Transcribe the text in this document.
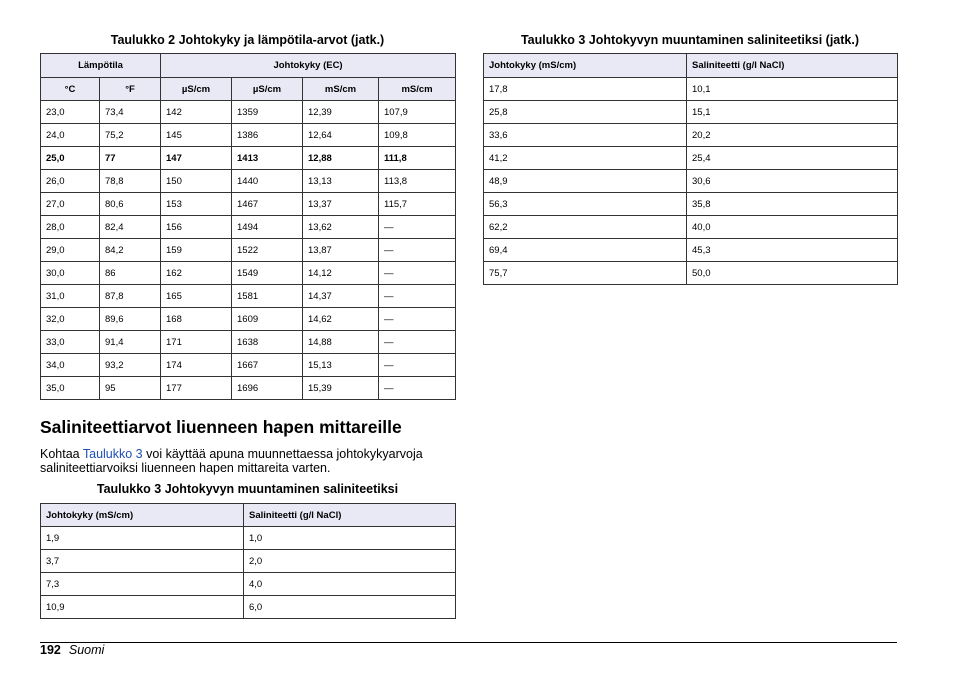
Taulukko 2 Johtokyky ja lämpötila-arvot (jatk.)
Lämpötila		Johtokyky (EC)			
°C	°F	µS/cm	µS/cm	mS/cm	mS/cm
23,0	73,4	142	1359	12,39	107,9
24,0	75,2	145	1386	12,64	109,8
25,0	77	147	1413	12,88	111,8
26,0	78,8	150	1440	13,13	113,8
27,0	80,6	153	1467	13,37	115,7
28,0	82,4	156	1494	13,62	—
29,0	84,2	159	1522	13,87	—
30,0	86	162	1549	14,12	—
31,0	87,8	165	1581	14,37	—
32,0	89,6	168	1609	14,62	—
33,0	91,4	171	1638	14,88	—
34,0	93,2	174	1667	15,13	—
35,0	95	177	1696	15,39	—
Saliniteettiarvot liuenneen hapen mittareille

Kohtaa Taulukko 3 voi käyttää apuna muunnettaessa johtokykyarvoja saliniteettiarvoiksi liuenneen hapen mittareita varten.

Taulukko 3 Johtokyvyn muuntaminen saliniteetiksi
Johtokyky (mS/cm)	Saliniteetti (g/l NaCl)
1,9	1,0
3,7	2,0
7,3	4,0
10,9	6,0
Taulukko 3 Johtokyvyn muuntaminen saliniteetiksi (jatk.)
Johtokyky (mS/cm)	Saliniteetti (g/l NaCl)
17,8	10,1
25,8	15,1
33,6	20,2
41,2	25,4
48,9	30,6
56,3	35,8
62,2	40,0
69,4	45,3
75,7	50,0
192 Suomi
